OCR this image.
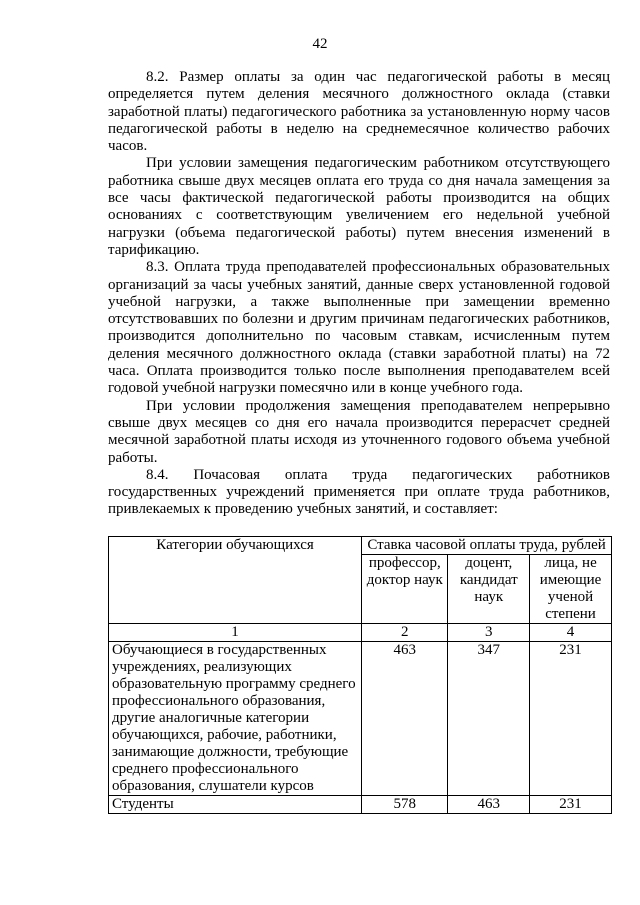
42

8.2. Размер оплаты за один час педагогической работы в месяц определяется путем деления месячного должностного оклада (ставки заработной платы) педагогического работника за установленную норму часов педагогической работы в неделю на среднемесячное количество рабочих часов.

При условии замещения педагогическим работником отсутствующего работника свыше двух месяцев оплата его труда со дня начала замещения за все часы фактической педагогической работы производится на общих основаниях с соответствующим увеличением его недельной учебной нагрузки (объема педагогической работы) путем внесения изменений в тарификацию.

8.3. Оплата труда преподавателей профессиональных образовательных организаций за часы учебных занятий, данные сверх установленной годовой учебной нагрузки, а также выполненные при замещении временно отсутствовавших по болезни и другим причинам педагогических работников, производится дополнительно по часовым ставкам, исчисленным путем деления месячного должностного оклада (ставки заработной платы) на 72 часа. Оплата производится только после выполнения преподавателем всей годовой учебной нагрузки помесячно или в конце учебного года.

При условии продолжения замещения преподавателем непрерывно свыше двух месяцев со дня его начала производится перерасчет средней месячной заработной платы исходя из уточненного годового объема учебной работы.

8.4. Почасовая оплата труда педагогических работников государственных учреждений применяется при оплате труда работников, привлекаемых к проведению учебных занятий, и составляет:

Категории обучающихся	Ставка часовой оплаты труда, рублей		
	профессор, доктор наук	доцент, кандидат наук	лица, не имеющие ученой степени
1	2	3	4
Обучающиеся в государственных учреждениях, реализующих образовательную программу среднего профессионального образования, другие аналогичные категории обучающихся, рабочие, работники, занимающие должности, требующие среднего профессионального образования, слушатели курсов	463	347	231
Студенты	578	463	231
